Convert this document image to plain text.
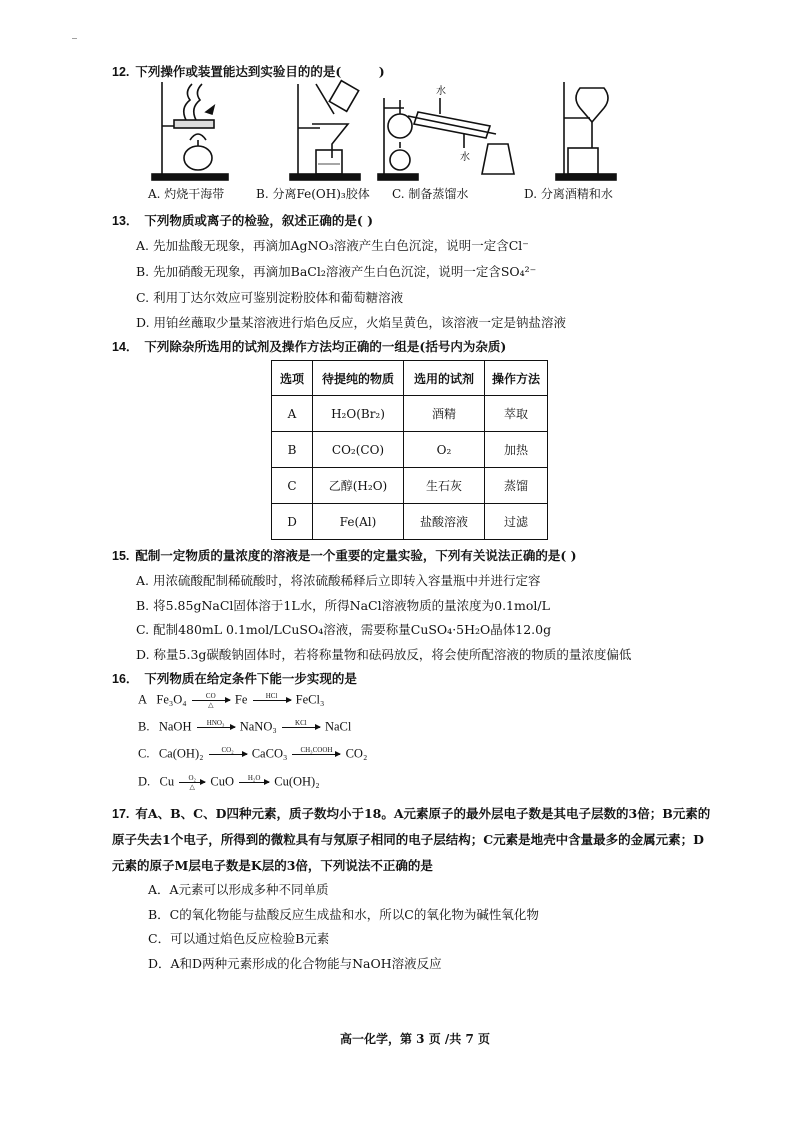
‾
12. 下列操作或装置能达到实验目的的是(　　　)
水
水
A. 灼烧干海带	B. 分离Fe(OH)₃胶体 C. 制备蒸馏水	D. 分离酒精和水
13． 下列物质或离子的检验，叙述正确的是( )
A. 先加盐酸无现象，再滴加AgNO₃溶液产生白色沉淀，说明一定含Cl⁻
B. 先加硝酸无现象，再滴加BaCl₂溶液产生白色沉淀，说明一定含SO₄²⁻
C. 利用丁达尔效应可鉴别淀粉胶体和葡萄糖溶液
D. 用铂丝蘸取少量某溶液进行焰色反应，火焰呈黄色，该溶液一定是钠盐溶液
14． 下列除杂所选用的试剂及操作方法均正确的一组是(括号内为杂质)
选项	待提纯的物质	选用的试剂	操作方法
A	H₂O(Br₂)	酒精	萃取
B	CO₂(CO)	O₂	加热
C	乙醇(H₂O)	生石灰	蒸馏
D	Fe(Al)	盐酸溶液	过滤
15. 配制一定物质的量浓度的溶液是一个重要的定量实验，下列有关说法正确的是( )
A. 用浓硫酸配制稀硫酸时，将浓硫酸稀释后立即转入容量瓶中并进行定容
B. 将5.85gNaCl固体溶于1L水，所得NaCl溶液物质的量浓度为0.1mol/L
C. 配制480mL 0.1mol/LCuSO₄溶液，需要称量CuSO₄·5H₂O晶体12.0g
D. 称量5.3g碳酸钠固体时，若将称量物和砝码放反，将会使所配溶液的物质的量浓度偏低
16． 下列物质在给定条件下能一步实现的是
A $Fe_3O_4 \frac{CO}{\triangle}$ Fe	HCl FeCl₃
B. NaOH HNO₃ NaNO₃	KCl NaCl
C. Ca(OH)₂	CO₂ CaCO₃ CH₃COOH CO₂
D. Cu $\frac{\text{O₂}}{\triangle}$ CuO H₂O Cu(OH)₂
17. 有A、B、C、D四种元素，质子数均小于18。A元素原子的最外层电子数是其电子层数的3倍；B元素的
原子失去1个电子，所得到的微粒具有与氖原子相同的电子层结构；C元素是地壳中含量最多的金属元素；D
元素的原子M层电子数是K层的3倍，下列说法不正确的是
A．A元素可以形成多种不同单质
B．C的氧化物能与盐酸反应生成盐和水，所以C的氧化物为碱性氧化物
C．可以通过焰色反应检验B元素
D．A和D两种元素形成的化合物能与NaOH溶液反应
高一化学，第 3 页 /共 7 页
